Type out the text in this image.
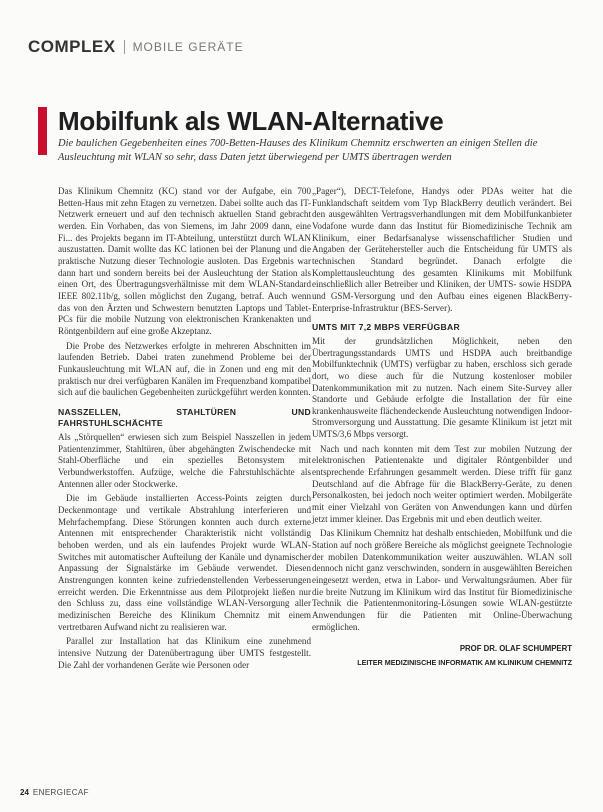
COMPLEX MOBILE GERÄTE
Mobilfunk als WLAN-Alternative

Die baulichen Gegebenheiten eines 700-Betten-Hauses des Klinikum Chemnitz erschwerten an einigen Stellen die Ausleuchtung mit WLAN so sehr, dass Daten jetzt überwiegend per UMTS übertragen werden

Das Klinikum Chemnitz (KC) stand vor der Aufgabe, ein 700 Betten-Haus mit zehn Etagen zu vernetzen. Dabei sollte auch das IT-Netzwerk erneuert und auf den technisch aktuellen Stand gebracht werden. Ein Vorhaben, das von Siemens, im Jahr 2009 dann, eine Fi... des Projekts begann im IT-Abteilung, unterstützt durch WLAN auszustatten. Damit wollte das KC lationen bei der Planung und die praktische Nutzung dieser Technologie ausloten. Das Ergebnis war dann hart und sondern bereits bei der Ausleuchtung der Station als einen Ort, des Übertragungsverhältnisse mit dem WLAN-Standard IEEE 802.11b/g, sollen möglichst den Zugang, betraf. Auch wenn das von den Ärzten und Schwestern benutzten Laptops und Tablet-PCs für die mobile Nutzung von elektronischen Krankenakten und Röntgenbildern auf eine große Akzeptanz.

Die Probe des Netzwerkes erfolgte in mehreren Abschnitten im laufenden Betrieb. Dabei traten zunehmend Probleme bei der Funkausleuchtung mit WLAN auf, die in Zonen und eng mit den praktisch nur drei verfügbaren Kanälen im Frequenzband kompatibel sich auf die baulichen Gegebenheiten zurückgeführt werden konnten.

NASSZELLEN, STAHLTÜREN UND FAHRSTUHLSCHÄCHTE

Als „Störquellen“ erwiesen sich zum Beispiel Nasszellen in jedem Patientenzimmer, Stahltüren, über abgehängten Zwischendecke mit Stahl-Oberfläche und ein spezielles Betonsystem mit Verbundwerkstoffen. Aufzüge, welche die Fahrstuhlschächte als Antennen aller oder Stockwerke.

Die im Gebäude installierten Access-Points zeigten durch Deckenmontage und vertikale Abstrahlung interferieren und Mehrfachempfang. Diese Störungen konnten auch durch externe Antennen mit entsprechender Charakteristik nicht vollständig behoben werden, und als ein laufendes Projekt wurde WLAN-Switches mit automatischer Aufteilung der Kanäle und dynamischer Anpassung der Signalstärke im Gebäude verwendet. Diesen Anstrengungen konnten keine zufriedenstellenden Verbesserungen erreicht werden. Die Erkenntnisse aus dem Pilotprojekt ließen nur den Schluss zu, dass eine vollständige WLAN-Versorgung aller medizinischen Bereiche des Klinikum Chemnitz mit einem vertretbaren Aufwand nicht zu realisieren war.

Parallel zur Installation hat das Klinikum eine zunehmend intensive Nutzung der Datenübertragung über UMTS festgestellt. Die Zahl der vorhandenen Geräte wie Personen oder

„Pager“), DECT-Telefone, Handys oder PDAs weiter hat die Funklandschaft seitdem vom Typ BlackBerry deutlich verändert. Bei den ausgewählten Vertragsverhandlungen mit dem Mobilfunkanbieter Vodafone wurde dann das Institut für Biomedizinische Technik am Klinikum, einer Bedarfsanalyse wissenschaftlicher Studien und Angaben der Gerätehersteller auch die Entscheidung für UMTS als technischen Standard begründet. Danach erfolgte die Komplettausleuchtung des gesamten Klinikums mit Mobilfunk einschließlich aller Betreiber und Kliniken, der UMTS- sowie HSDPA und GSM-Versorgung und den Aufbau eines eigenen BlackBerry-Enterprise-Infrastruktur (BES-Server).

UMTS MIT 7,2 MBPS VERFÜGBAR

Mit der grundsätzlichen Möglichkeit, neben den Übertragungsstandards UMTS und HSDPA auch breitbandige Mobilfunktechnik (UMTS) verfügbar zu haben, erschloss sich gerade dort, wo diese auch für die Nutzung kostenloser mobiler Datenkommunikation mit zu nutzen. Nach einem Site-Survey aller Standorte und Gebäude erfolgte die Installation der für eine krankenhausweite flächendeckende Ausleuchtung notwendigen Indoor-Stromversorgung und Ausstattung. Die gesamte Klinikum ist jetzt mit UMTS/3,6 Mbps versorgt.

Nach und nach konnten mit dem Test zur mobilen Nutzung der elektronischen Patientenakte und digitaler Röntgenbilder und entsprechende Erfahrungen gesammelt werden. Diese trifft für ganz Deutschland auf die Abfrage für die BlackBerry-Geräte, zu denen Personalkosten, bei jedoch noch weiter optimiert werden. Mobilgeräte mit einer Vielzahl von Geräten von Anwendungen kann und dürfen jetzt immer kleiner. Das Ergebnis mit und eben deutlich weiter.

Das Klinikum Chemnitz hat deshalb entschieden, Mobilfunk und die Station auf noch größere Bereiche als möglichst geeignete Technologie der mobilen Datenkommunikation weiter auszuwählen. WLAN soll dennoch nicht ganz verschwinden, sondern in ausgewählten Bereichen eingesetzt werden, etwa in Labor- und Verwaltungsräumen. Aber für die breite Nutzung im Klinikum wird das Institut für Biomedizinische Technik die Patientenmonitoring-Lösungen sowie WLAN-gestützte Anwendungen für die Patienten mit Online-Überwachung ermöglichen.

PROF DR. OLAF SCHUMPERT
LEITER MEDIZINISCHE INFORMATIK AM KLINIKUM CHEMNITZ
24 ENERGIECAF
